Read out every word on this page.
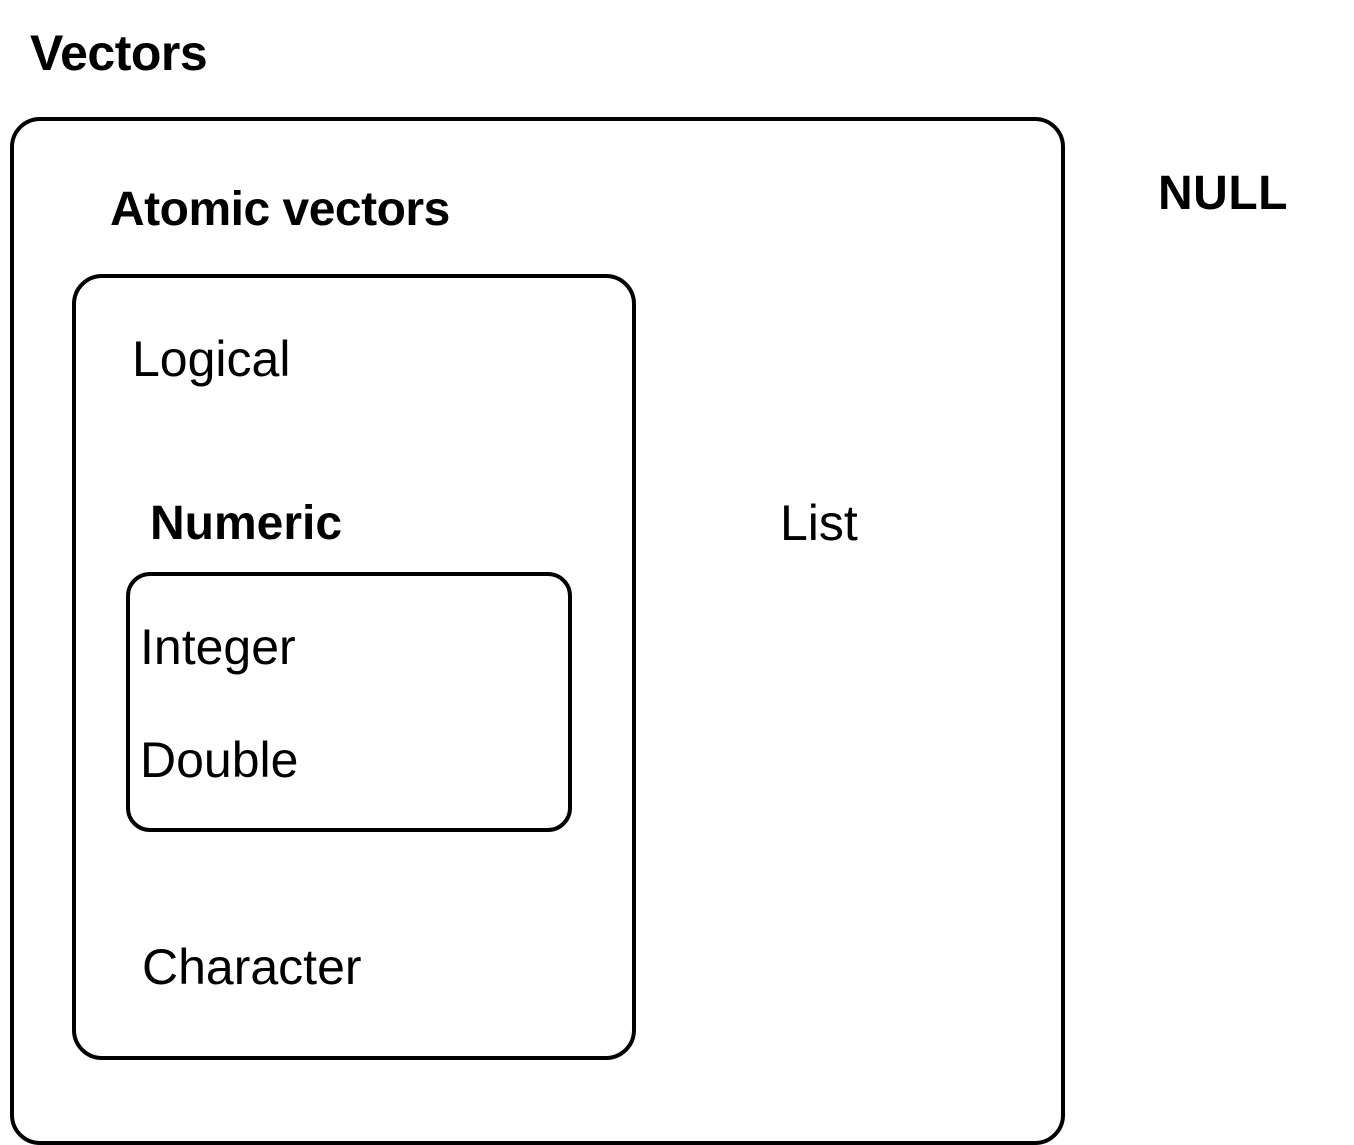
Vectors
NULL
Atomic vectors
Logical
Numeric
Integer
Double
Character
List
